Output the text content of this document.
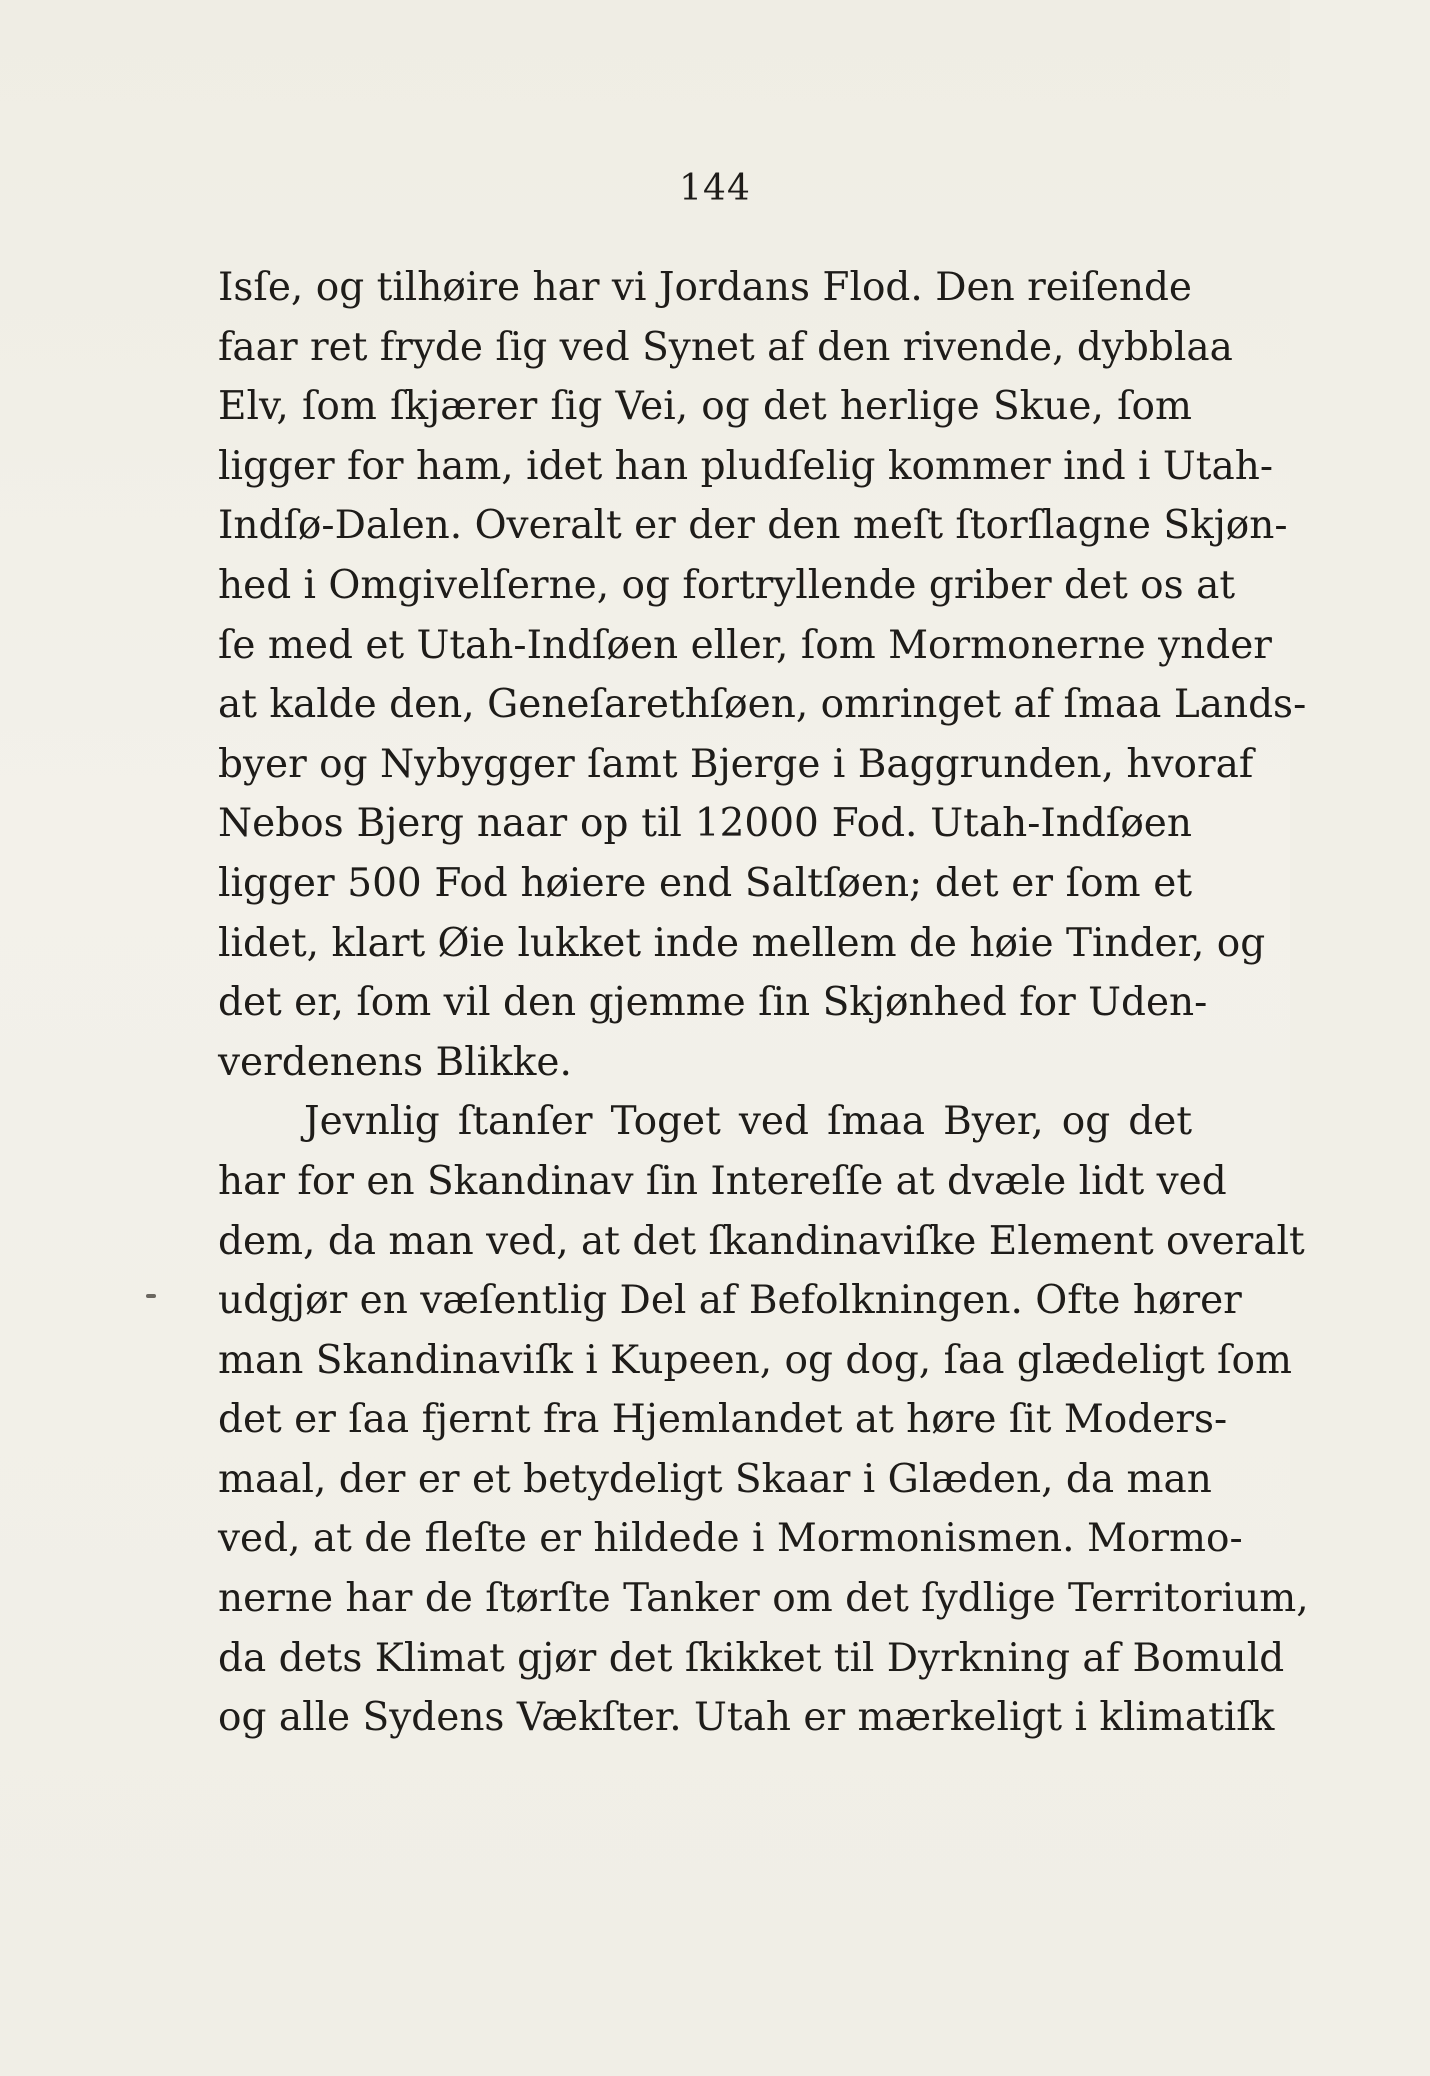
144
Isſe, og tilhøire har vi Jordans Flod. Den reiſende
faar ret fryde ſig ved Synet af den rivende, dybblaa
Elv, ſom ſkjærer ſig Vei, og det herlige Skue, ſom
ligger for ham, idet han pludſelig kommer ind i Utah-
Indſø-Dalen. Overalt er der den meſt ſtorſlagne Skjøn-
hed i Omgivelſerne, og fortryllende griber det os at
ſe med et Utah-Indſøen eller, ſom Mormonerne ynder
at kalde den, Geneſarethſøen, omringet af ſmaa Lands-
byer og Nybygger ſamt Bjerge i Baggrunden, hvoraf
Nebos Bjerg naar op til 12000 Fod. Utah-Indſøen
ligger 500 Fod høiere end Saltſøen; det er ſom et
lidet, klart Øie lukket inde mellem de høie Tinder, og
det er, ſom vil den gjemme ſin Skjønhed for Uden-
verdenens Blikke.
Jevnlig ſtanſer Toget ved ſmaa Byer, og det
har for en Skandinav ſin Intereſſe at dvæle lidt ved
dem, da man ved, at det ſkandinaviſke Element overalt
udgjør en væſentlig Del af Befolkningen. Ofte hører
man Skandinaviſk i Kupeen, og dog, ſaa glædeligt ſom
det er ſaa fjernt fra Hjemlandet at høre ſit Moders-
maal, der er et betydeligt Skaar i Glæden, da man
ved, at de fleſte er hildede i Mormonismen. Mormo-
nerne har de ſtørſte Tanker om det ſydlige Territorium,
da dets Klimat gjør det ſkikket til Dyrkning af Bomuld
og alle Sydens Vækſter. Utah er mærkeligt i klimatiſk
